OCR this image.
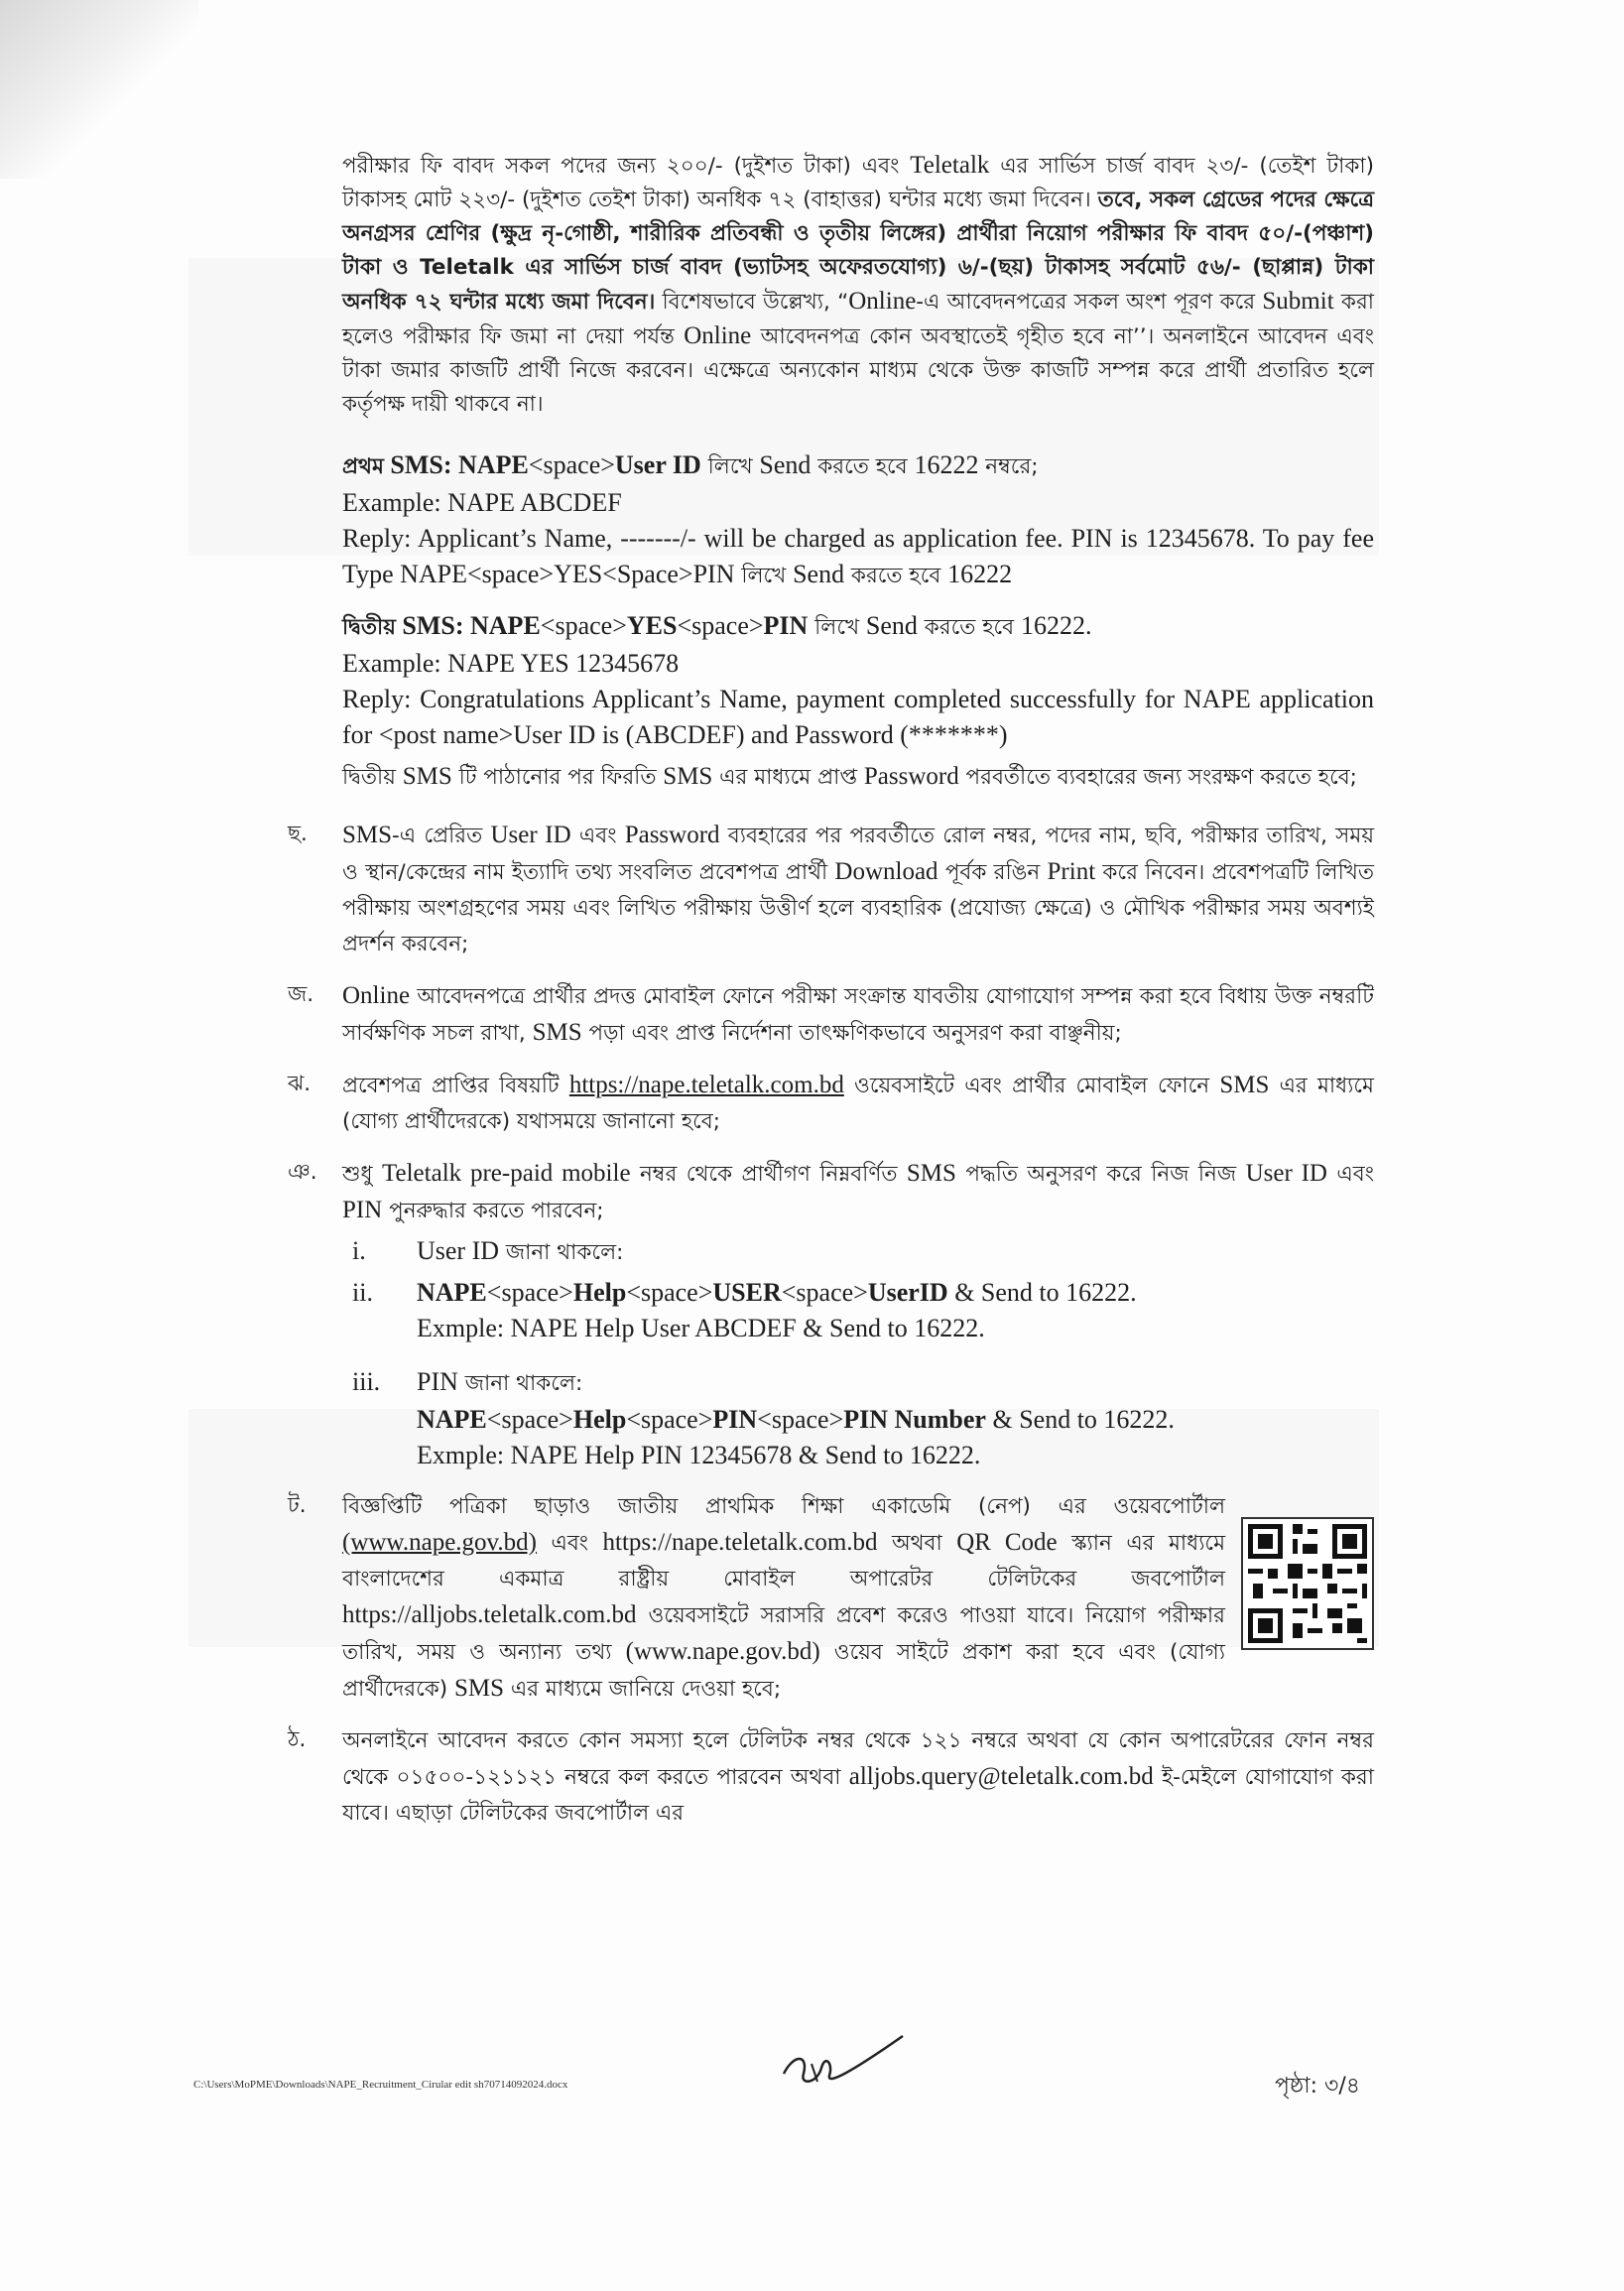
পরীক্ষার ফি বাবদ সকল পদের জন্য ২০০/- (দুইশত টাকা) এবং Teletalk এর সার্ভিস চার্জ বাবদ ২৩/- (তেইশ টাকা) টাকাসহ মোট ২২৩/- (দুইশত তেইশ টাকা) অনধিক ৭২ (বাহাত্তর) ঘন্টার মধ্যে জমা দিবেন। তবে, সকল গ্রেডের পদের ক্ষেত্রে অনগ্রসর শ্রেণির (ক্ষুদ্র নৃ-গোষ্ঠী, শারীরিক প্রতিবন্ধী ও তৃতীয় লিঙ্গের) প্রার্থীরা নিয়োগ পরীক্ষার ফি বাবদ ৫০/-(পঞ্চাশ) টাকা ও Teletalk এর সার্ভিস চার্জ বাবদ (ভ্যাটসহ অফেরতযোগ্য) ৬/-(ছয়) টাকাসহ সর্বমোট ৫৬/- (ছাপ্পান্ন) টাকা অনধিক ৭২ ঘন্টার মধ্যে জমা দিবেন। বিশেষভাবে উল্লেখ্য, “Online-এ আবেদনপত্রের সকল অংশ পূরণ করে Submit করা হলেও পরীক্ষার ফি জমা না দেয়া পর্যন্ত Online আবেদনপত্র কোন অবস্থাতেই গৃহীত হবে না’’। অনলাইনে আবেদন এবং টাকা জমার কাজটি প্রার্থী নিজে করবেন। এক্ষেত্রে অন্যকোন মাধ্যম থেকে উক্ত কাজটি সম্পন্ন করে প্রার্থী প্রতারিত হলে কর্তৃপক্ষ দায়ী থাকবে না।

প্রথম SMS: NAPE<space>User ID লিখে Send করতে হবে 16222 নম্বরে;

Example: NAPE ABCDEF

Reply: Applicant’s Name, -------/- will be charged as application fee. PIN is 12345678. To pay fee Type NAPE<space>YES<Space>PIN লিখে Send করতে হবে 16222

দ্বিতীয় SMS: NAPE<space>YES<space>PIN লিখে Send করতে হবে 16222.

Example: NAPE YES 12345678

Reply: Congratulations Applicant’s Name, payment completed successfully for NAPE application for <post name>User ID is (ABCDEF) and Password (*******)

দ্বিতীয় SMS টি পাঠানোর পর ফিরতি SMS এর মাধ্যমে প্রাপ্ত Password পরবর্তীতে ব্যবহারের জন্য সংরক্ষণ করতে হবে;

ছ.	SMS-এ প্রেরিত User ID এবং Password ব্যবহারের পর পরবর্তীতে রোল নম্বর, পদের নাম, ছবি, পরীক্ষার তারিখ, সময় ও স্থান/কেন্দ্রের নাম ইত্যাদি তথ্য সংবলিত প্রবেশপত্র প্রার্থী Download পূর্বক রঙিন Print করে নিবেন। প্রবেশপত্রটি লিখিত পরীক্ষায় অংশগ্রহণের সময় এবং লিখিত পরীক্ষায় উত্তীর্ণ হলে ব্যবহারিক (প্রযোজ্য ক্ষেত্রে) ও মৌখিক পরীক্ষার সময় অবশ্যই প্রদর্শন করবেন;
জ.	Online আবেদনপত্রে প্রার্থীর প্রদত্ত মোবাইল ফোনে পরীক্ষা সংক্রান্ত যাবতীয় যোগাযোগ সম্পন্ন করা হবে বিধায় উক্ত নম্বরটি সার্বক্ষণিক সচল রাখা, SMS পড়া এবং প্রাপ্ত নির্দেশনা তাৎক্ষণিকভাবে অনুসরণ করা বাঞ্ছনীয়;
ঝ.	প্রবেশপত্র প্রাপ্তির বিষয়টি https://nape.teletalk.com.bd ওয়েবসাইটে এবং প্রার্থীর মোবাইল ফোনে SMS এর মাধ্যমে (যোগ্য প্রার্থীদেরকে) যথাসময়ে জানানো হবে;
ঞ.	শুধু Teletalk pre-paid mobile নম্বর থেকে প্রার্থীগণ নিম্নবর্ণিত SMS পদ্ধতি অনুসরণ করে নিজ নিজ User ID এবং PIN পুনরুদ্ধার করতে পারবেন;
i. User ID জানা থাকলে:
ii. NAPE<space>Help<space>USER<space>UserID & Send to 16222.
Exmple: NAPE Help User ABCDEF & Send to 16222.
iii. PIN জানা থাকলে:
NAPE<space>Help<space>PIN<space>PIN Number & Send to 16222.
Exmple: NAPE Help PIN 12345678 & Send to 16222.
ট.	বিজ্ঞপ্তিটি পত্রিকা ছাড়াও জাতীয় প্রাথমিক শিক্ষা একাডেমি (নেপ) এর ওয়েবপোর্টাল (www.nape.gov.bd) এবং https://nape.teletalk.com.bd অথবা QR Code স্ক্যান এর মাধ্যমে বাংলাদেশের একমাত্র রাষ্ট্রীয় মোবাইল অপারেটর টেলিটকের জবপোর্টাল https://alljobs.teletalk.com.bd ওয়েবসাইটে সরাসরি প্রবেশ করেও পাওয়া যাবে। নিয়োগ পরীক্ষার তারিখ, সময় ও অন্যান্য তথ্য (www.nape.gov.bd) ওয়েব সাইটে প্রকাশ করা হবে এবং (যোগ্য প্রার্থীদেরকে) SMS এর মাধ্যমে জানিয়ে দেওয়া হবে;
ঠ.	অনলাইনে আবেদন করতে কোন সমস্যা হলে টেলিটক নম্বর থেকে ১২১ নম্বরে অথবা যে কোন অপারেটরের ফোন নম্বর থেকে ০১৫০০-১২১১২১ নম্বরে কল করতে পারবেন অথবা alljobs.query@teletalk.com.bd ই-মেইলে যোগাযোগ করা যাবে। এছাড়া টেলিটকের জবপোর্টাল এর
C:\Users\MoPME\Downloads\NAPE_Recruitment_Cirular edit sh70714092024.docx	পৃষ্ঠা: ৩/৪
